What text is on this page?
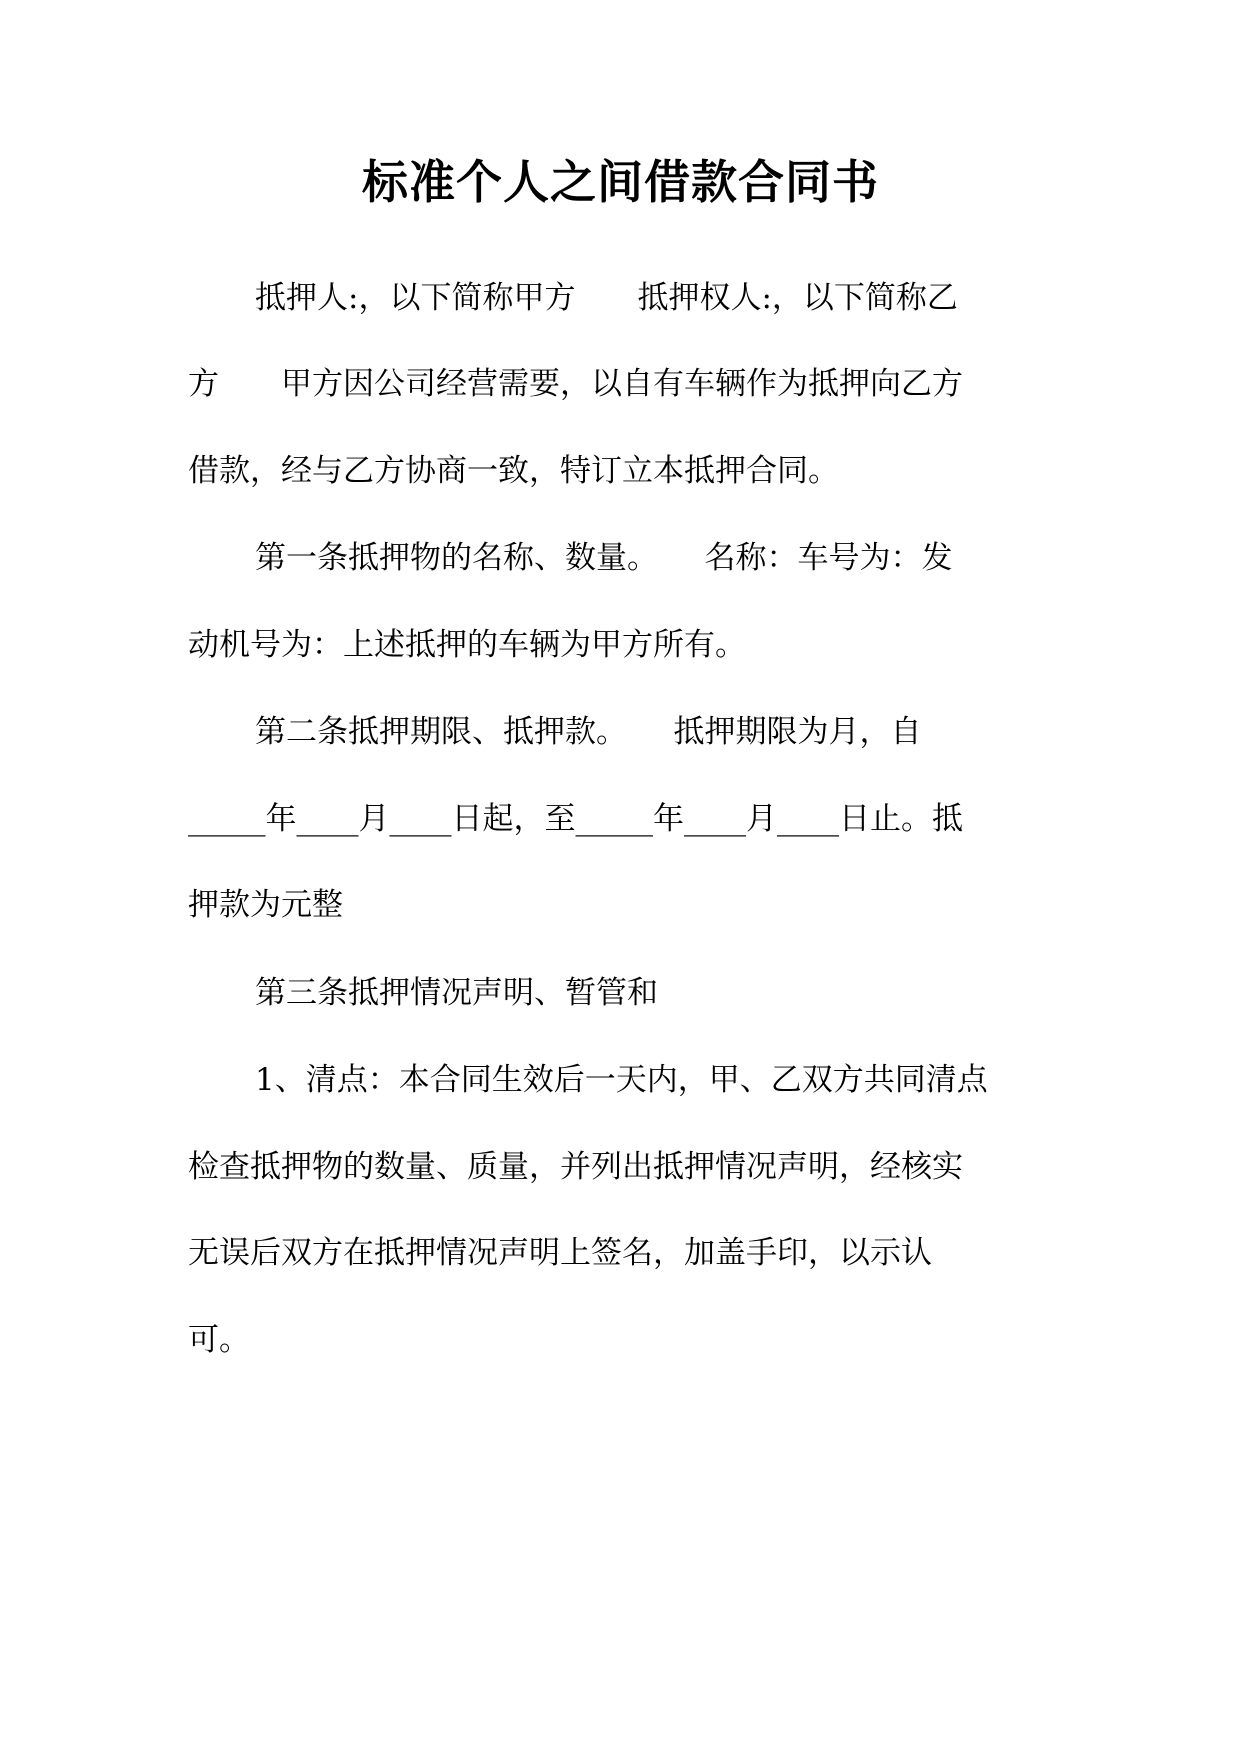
标准个人之间借款合同书

抵押人:，以下简称甲方　　抵押权人:，以下简称乙

方　　甲方因公司经营需要，以自有车辆作为抵押向乙方

借款，经与乙方协商一致，特订立本抵押合同。

第一条抵押物的名称、数量。　　名称：车号为：发

动机号为：上述抵押的车辆为甲方所有。

第二条抵押期限、抵押款。　　抵押期限为月，自

_____年____月____日起，至_____年____月____日止。抵

押款为元整

第三条抵押情况声明、暂管和

1、清点：本合同生效后一天内，甲、乙双方共同清点

检查抵押物的数量、质量，并列出抵押情况声明，经核实

无误后双方在抵押情况声明上签名，加盖手印，以示认

可。
